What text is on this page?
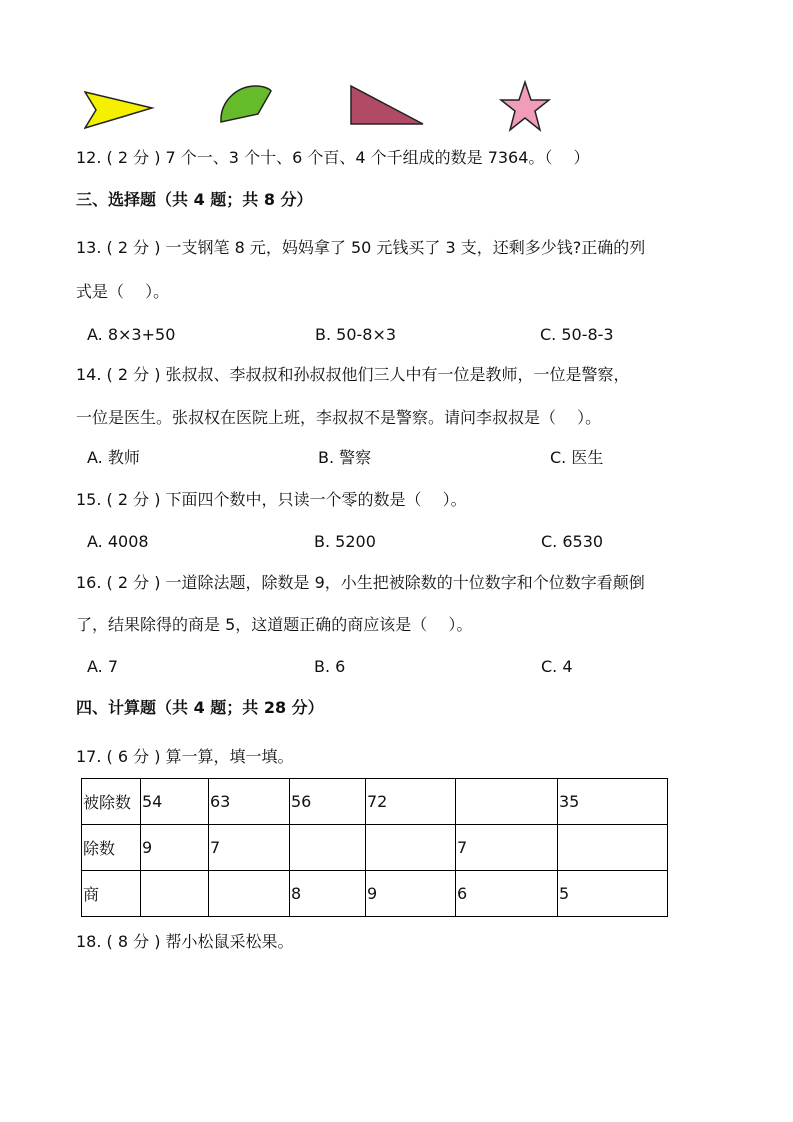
12. ( 2 分 ) 7 个一、3 个十、6 个百、4 个千组成的数是 7364。（　 ）
三、选择题（共 4 题；共 8 分）
13. ( 2 分 ) 一支钢笔 8 元，妈妈拿了 50 元钱买了 3 支，还剩多少钱?正确的列
式是（　 ）。
A. 8×3+50	B. 50-8×3	C. 50-8-3
14. ( 2 分 ) 张叔叔、李叔叔和孙叔叔他们三人中有一位是教师，一位是警察，
一位是医生。张叔权在医院上班，李叔叔不是警察。请问李叔叔是（　 ）。
A. 教师	B. 警察	C. 医生
15. ( 2 分 ) 下面四个数中，只读一个零的数是（　 ）。
A. 4008	B. 5200	C. 6530
16. ( 2 分 ) 一道除法题，除数是 9，小生把被除数的十位数字和个位数字看颠倒
了，结果除得的商是 5，这道题正确的商应该是（　 ）。
A. 7	B. 6	C. 4
四、计算题（共 4 题；共 28 分）
17. ( 6 分 ) 算一算，填一填。
被除数	54	63	56	72		35
除数	9	7			7	
商			8	9	6	5
18. ( 8 分 ) 帮小松鼠采松果。
